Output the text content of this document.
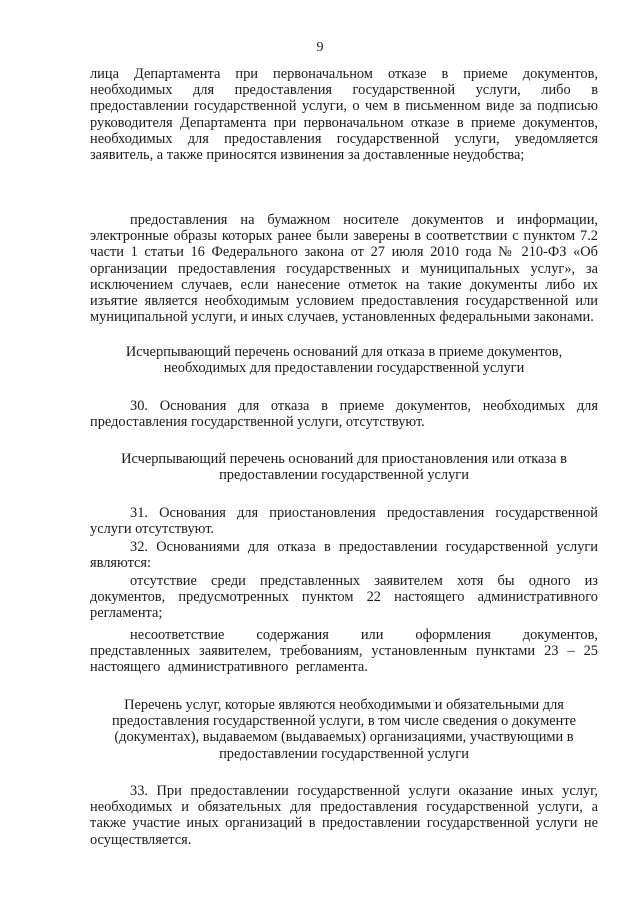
9

лица Департамента при первоначальном отказе в приеме документов, необходимых для предоставления государственной услуги, либо в предоставлении государственной услуги, о чем в письменном виде за подписью руководителя Департамента при первоначальном отказе в приеме документов, необходимых для предоставления государственной услуги, уведомляется заявитель, а также приносятся извинения за доставленные неудобства;

предоставления на бумажном носителе документов и информации, электронные образы которых ранее были заверены в соответствии с пунктом 7.2 части 1 статьи 16 Федерального закона от 27 июля 2010 года № 210-ФЗ «Об организации предоставления государственных и муниципальных услуг», за исключением случаев, если нанесение отметок на такие документы либо их изъятие является необходимым условием предоставления государственной или муниципальной услуги, и иных случаев, установленных федеральными законами.

Исчерпывающий перечень оснований для отказа в приеме документов, необходимых для предоставлении государственной услуги

30. Основания для отказа в приеме документов, необходимых для предоставления государственной услуги, отсутствуют.

Исчерпывающий перечень оснований для приостановления или отказа в предоставлении государственной услуги

31. Основания для приостановления предоставления государственной услуги отсутствуют.

32. Основаниями для отказа в предоставлении государственной услуги являются:

отсутствие среди представленных заявителем хотя бы одного из документов, предусмотренных пунктом 22 настоящего административного регламента;

несоответствие содержания или оформления документов, представленных заявителем, требованиям, установленным пунктами 23 – 25 настоящего административного регламента.

Перечень услуг, которые являются необходимыми и обязательными для предоставления государственной услуги, в том числе сведения о документе (документах), выдаваемом (выдаваемых) организациями, участвующими в предоставлении государственной услуги

33. При предоставлении государственной услуги оказание иных услуг, необходимых и обязательных для предоставления государственной услуги, а также участие иных организаций в предоставлении государственной услуги не осуществляется.
